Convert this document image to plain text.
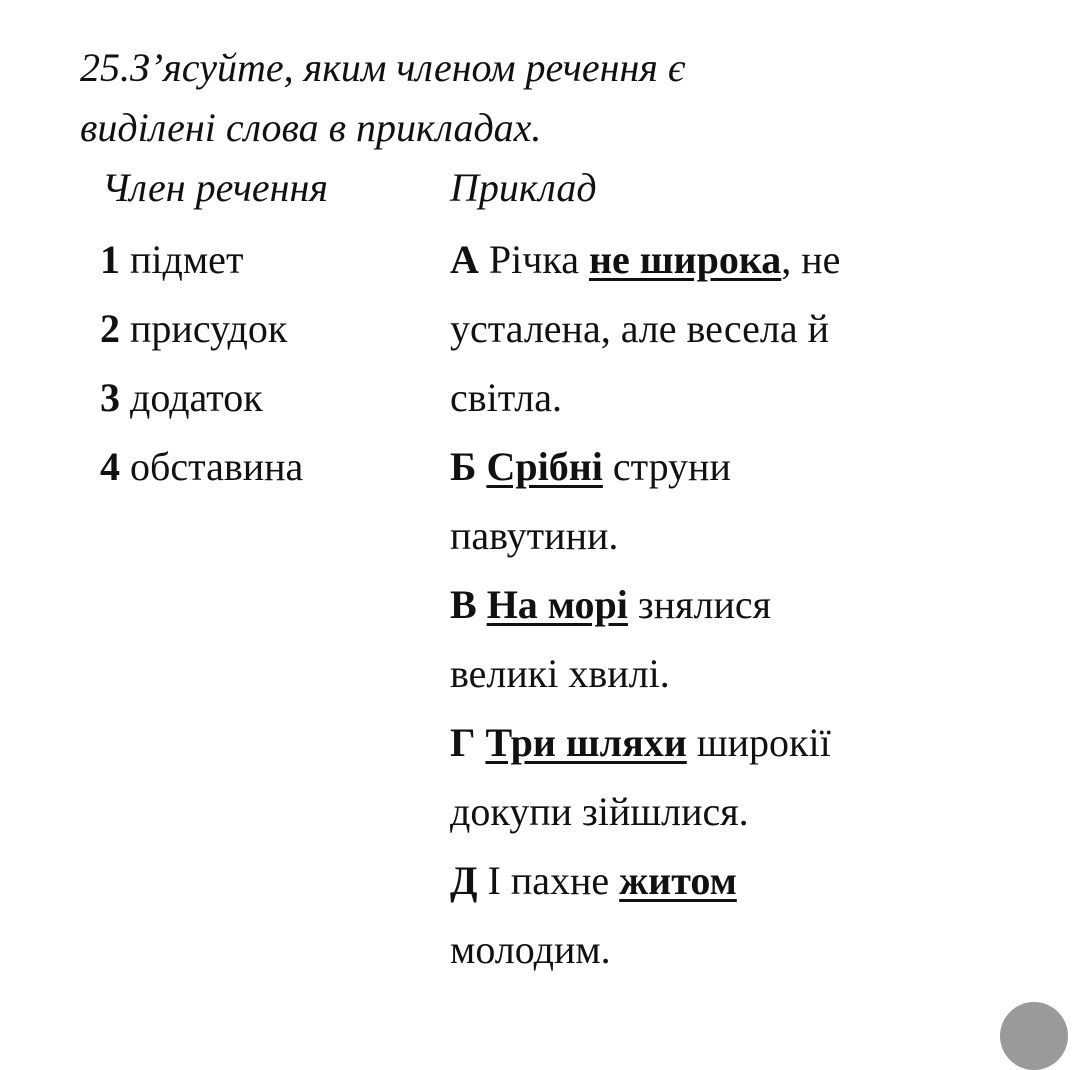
25.З’ясуйте, яким членом речення є
виділені слова в прикладах.
Член речення	Приклад
1 підмет
2 присудок
3 додаток
4 обставина
А Річка не широка, не
усталена, але весела й
світла.
Б Срібні струни
павутини.
В На морі знялися
великі хвилі.
Г Три шляхи широкії
докупи зійшлися.
Д І пахне житом
молодим.
